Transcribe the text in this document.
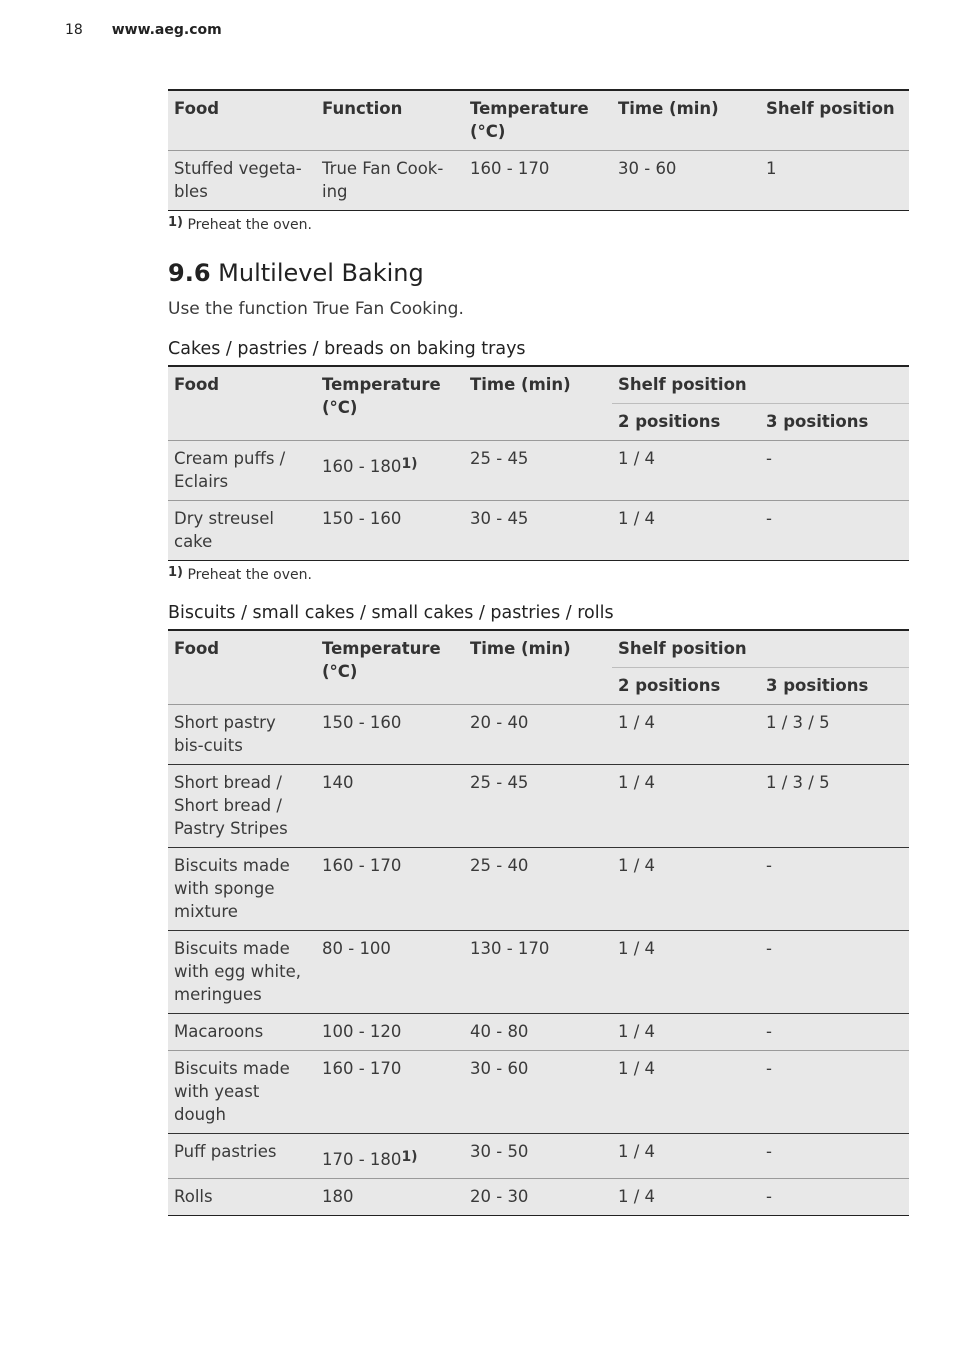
18 www.aeg.com
Food	Function	Temperature (°C)	Time (min)	Shelf position
Stuffed vegeta-bles	True Fan Cook-ing	160 - 170	30 - 60	1

$^{1)}$ Preheat the oven.

9.6 Multilevel Baking

Use the function True Fan Cooking.

Cakes / pastries / breads on baking trays

Food	Temperature (°C)	Time (min)	Shelf position	
			2 positions	3 positions
Cream puffs / Eclairs	160 - 180$^{1)}$	25 - 45	1 / 4	-
Dry streusel cake	150 - 160	30 - 45	1 / 4	-

$^{1)}$ Preheat the oven.

Biscuits / small cakes / small cakes / pastries / rolls

Food	Temperature (°C)	Time (min)	Shelf position	
			2 positions	3 positions
Short pastry bis-cuits	150 - 160	20 - 40	1 / 4	1 / 3 / 5
Short bread / Short bread / Pastry Stripes	140	25 - 45	1 / 4	1 / 3 / 5
Biscuits made with sponge mixture	160 - 170	25 - 40	1 / 4	-
Biscuits made with egg white, meringues	80 - 100	130 - 170	1 / 4	-
Macaroons	100 - 120	40 - 80	1 / 4	-
Biscuits made with yeast dough	160 - 170	30 - 60	1 / 4	-
Puff pastries	170 - 180$^{1)}$	30 - 50	1 / 4	-
Rolls	180	20 - 30	1 / 4	-
